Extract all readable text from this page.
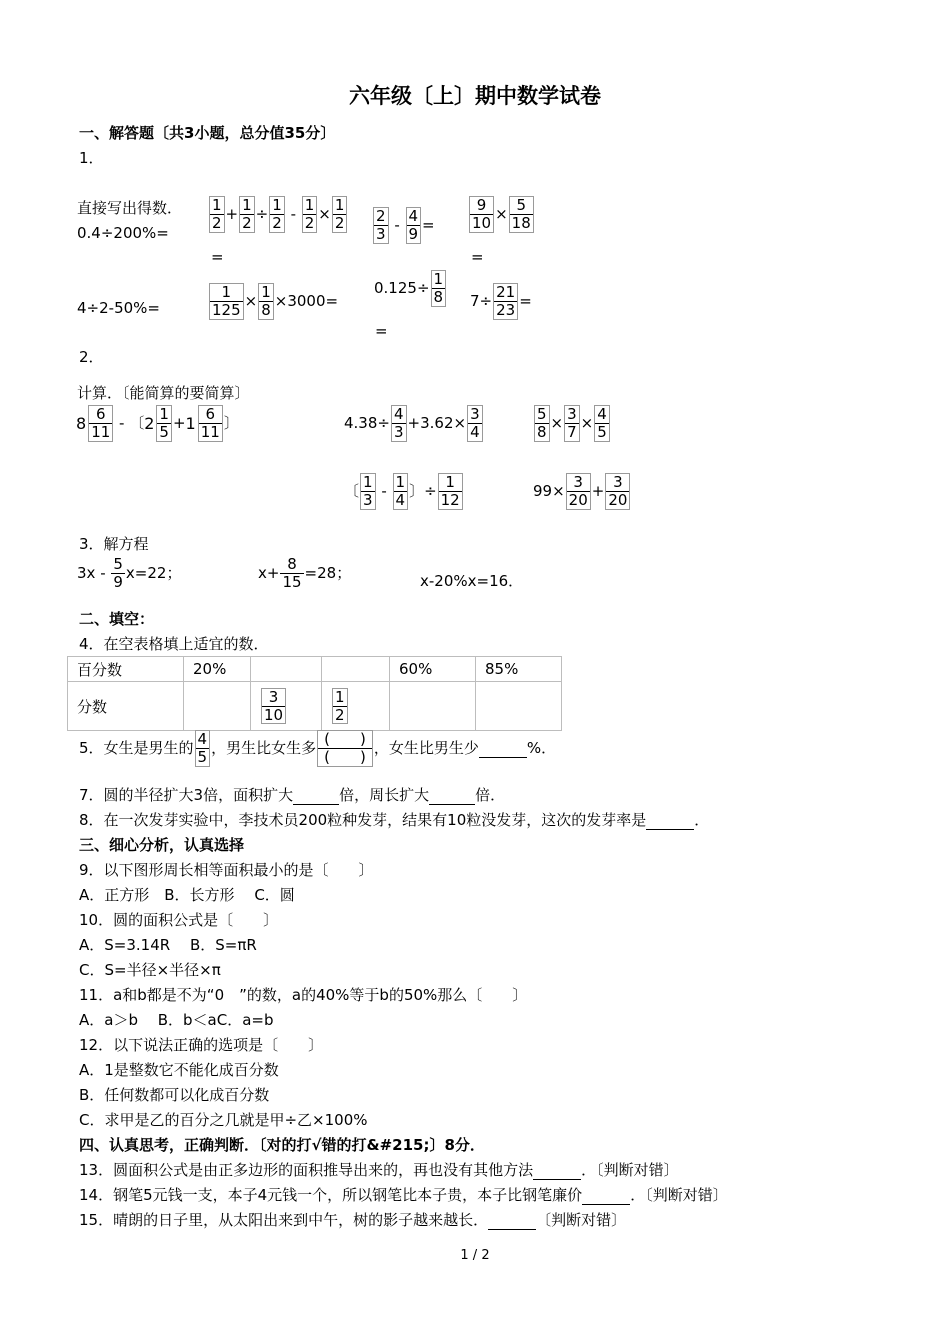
六年级〔上〕期中数学试卷
一、解答题〔共3小题，总分值35分〕
1．
直接写出得数．
0.4÷200%=
$\frac{1}{2} + \frac{1}{2} \div \frac{1}{2} - \frac{1}{2} \times \frac{1}{2}$
=
$\frac{2}{3} - \frac{4}{9} = \frac{9}{10} \times \frac{5}{18}$
=
4÷2-50%=	$\frac{1}{125} \times \frac{1}{8} \times 3000=$
$0.125\div \frac{1}{8}$
=
$7\div \frac{21}{23}$ =
2．
计算．〔能简算的要简算〕
$8 \frac{6}{11}$ - 〔 $2 \frac{1}{5} + 1 \frac{6}{11}$ 〕	$4.38\div \frac{4}{3} +3.62\times \frac{3}{4}$	$\frac{5}{8} \times \frac{3}{7} \times \frac{4}{5}$
〔 $\frac{1}{3} - \frac{1}{4}$ 〕÷ $\frac{1}{12}$	$99\times \frac{3}{20} + \frac{3}{20}$
3．解方程
$3x - \frac{5}{9} x=22$；	$x+ \frac{8}{15} =28$；	x-20%x=16．
二、填空：
4．在空表格填上适宜的数．
百分数	20%			60%	85%
分数		$\frac{3}{10}$	$\frac{1}{2}$

5．女生是男生的 $\frac{4}{5}$ ，男生比女生多 $\frac{( )}{( )}$ ，女生比男生少	%．
7．圆的半径扩大3倍，面积扩大	倍，周长扩大	倍．
8．在一次发芽实验中，李技术员200粒种发芽，结果有10粒没发芽，这次的发芽率是	．
三、细心分析，认真选择
9．以下图形周长相等面积最小的是〔　　〕
A．正方形　B．长方形　 C．圆
10．圆的面积公式是〔　　〕
A．S=3.14R　 B．S=πR
C．S=半径×半径×π
11．a和b都是不为“0　”的数，a的40%等于b的50%那么〔　　〕
A．a＞b　 B．b＜aC．a=b
12．以下说法正确的选项是〔　　〕
A．1是整数它不能化成百分数
B．任何数都可以化成百分数
C．求甲是乙的百分之几就是甲÷乙×100%
四、认真思考，正确判断．〔对的打√错的打&#215;〕8分．
13．圆面积公式是由正多边形的面积推导出来的，再也没有其他方法	．〔判断对错〕
14．钢笔5元钱一支，本子4元钱一个，所以钢笔比本子贵，本子比钢笔廉价	．〔判断对错〕
15．晴朗的日子里，从太阳出来到中午，树的影子越来越长．	〔判断对错〕
1 / 2
